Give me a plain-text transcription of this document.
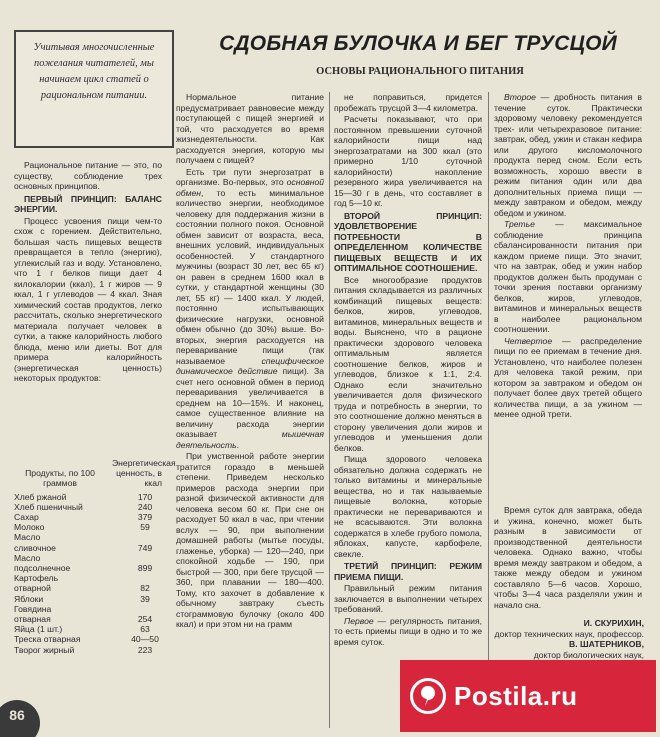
Учитывая многочисленные пожелания читателей, мы начинаем цикл статей о рациональном питании.

СДОБНАЯ БУЛОЧКА И БЕГ ТРУСЦОЙ
ОСНОВЫ РАЦИОНАЛЬНОГО ПИТАНИЯ

Рациональное питание — это, по существу, соблюдение трех основных принципов.

ПЕРВЫЙ ПРИНЦИП: БАЛАНС ЭНЕРГИИ.

Процесс усвоения пищи чем-то схож с горением. Действительно, большая часть пищевых веществ превращается в тепло (энергию), углекислый газ и воду. Установлено, что 1 г белков пищи дает 4 килокалории (ккал), 1 г жиров — 9 ккал, 1 г углеводов — 4 ккал. Зная химический состав продуктов, легко рассчитать, сколько энергетического материала получает человек в сутки, а также калорийность любого блюда, меню или диеты. Вот для примера калорийность (энергетическая ценность) некоторых продуктов:

Продукты, по 100 граммов
Энергетическая ценность, в ккал
Хлеб ржаной	170
Хлеб пшеничный	240
Сахар	379
Молоко	59
Масло
сливочное	749
Масло
подсолнечное	899
Картофель
отварной	82
Яблоки	39
Говядина
отварная	254
Яйца (1 шт.)	63
Треска отварная	40—50
Творог жирный	223

Нормальное питание предусматривает равновесие между поступающей с пищей энергией и той, что расходуется во время жизнедеятельности. Как расходуется энергия, которую мы получаем с пищей?

Есть три пути энергозатрат в организме. Во-первых, это основной обмен, то есть минимальное количество энергии, необходимое человеку для поддержания жизни в состоянии полного покоя. Основной обмен зависит от возраста, веса, внешних условий, индивидуальных особенностей. У стандартного мужчины (возраст 30 лет, вес 65 кг) он равен в среднем 1600 ккал в сутки, у стандартной женщины (30 лет, 55 кг) — 1400 ккал. У людей, постоянно испытывающих физические нагрузки, основной обмен обычно (до 30%) выше. Во-вторых, энергия расходуется на переваривание пищи (так называемое специфическое динамическое действие пищи). За счет него основной обмен в период переваривания увеличивается в среднем на 10—15%. И наконец, самое существенное влияние на величину расхода энергии оказывает мышечная деятельность.

При умственной работе энергии тратится гораздо в меньшей степени. Приведем несколько примеров расхода энергии при разной физической активности для человека весом 60 кг. При сне он расходует 50 ккал в час, при чтении вслух — 90, при выполнении домашней работы (мытье посуды, глаженье, уборка) — 120—240, при спокойной ходьбе — 190, при быстрой — 300, при беге трусцой — 360, при плавании — 180—400. Тому, кто захочет в добавление к обычному завтраку съесть стограммовую булочку (около 400 ккал) и при этом ни на грамм

не поправиться, придется пробежать трусцой 3—4 километра.

Расчеты показывают, что при постоянном превышении суточной калорийности пищи над энергозатратами на 300 ккал (это примерно 1/10 суточной калорийности) накопление резервного жира увеличивается на 15—30 г в день, что составляет в год 5—10 кг.

ВТОРОЙ ПРИНЦИП: УДОВЛЕТВОРЕНИЕ ПОТРЕБНОСТИ В ОПРЕДЕЛЕННОМ КОЛИЧЕСТВЕ ПИЩЕВЫХ ВЕЩЕСТВ И ИХ ОПТИМАЛЬНОЕ СООТНОШЕНИЕ.

Все многообразие продуктов питания складывается из различных комбинаций пищевых веществ: белков, жиров, углеводов, витаминов, минеральных веществ и воды. Выяснено, что в рационе практически здорового человека оптимальным является соотношение белков, жиров и углеводов, близкое к 1:1, 2:4. Однако если значительно увеличивается доля физического труда и потребность в энергии, то это соотношение должно меняться в сторону увеличения доли жиров и углеводов и уменьшения доли белков.

Пища здорового человека обязательно должна содержать не только витамины и минеральные вещества, но и так называемые пищевые волокна, которые практически не перевариваются и не всасываются. Эти волокна содержатся в хлебе грубого помола, яблоках, капусте, карбофеле, свекле.

ТРЕТИЙ ПРИНЦИП: РЕЖИМ ПРИЕМА ПИЩИ.

Правильный режим питания заключается в выполнении четырех требований.

Первое — регулярность питания, то есть приемы пищи в одно и то же время суток.

Второе — дробность питания в течение суток. Практически здоровому человеку рекомендуется трех- или четырехразовое питание: завтрак, обед, ужин и стакан кефира или другого кисломолочного продукта перед сном. Если есть возможность, хорошо ввести в режим питания один или два дополнительных приема пищи — между завтраком и обедом, между обедом и ужином.

Третье — максимальное соблюдение принципа сбалансированности питания при каждом приеме пищи. Это значит, что на завтрак, обед и ужин набор продуктов должен быть продуман с точки зрения поставки организму белков, жиров, углеводов, витаминов и минеральных веществ в наиболее рациональном соотношении.

Четвертое — распределение пищи по ее приемам в течение дня. Установлено, что наиболее полезен для человека такой режим, при котором за завтраком и обедом он получает более двух третей общего количества пищи, а за ужином — менее одной трети.

Время суток для завтрака, обеда и ужина, конечно, может быть разным в зависимости от производственной деятельности человека. Однако важно, чтобы время между завтраком и обедом, а также между обедом и ужином составляло 5—6 часов. Хорошо, чтобы 3—4 часа разделяли ужин и начало сна.

И. СКУРИХИН,
доктор технических наук, профессор.
В. ШАТЕРНИКОВ,
доктор биологических наук,
86
Postila.ru
